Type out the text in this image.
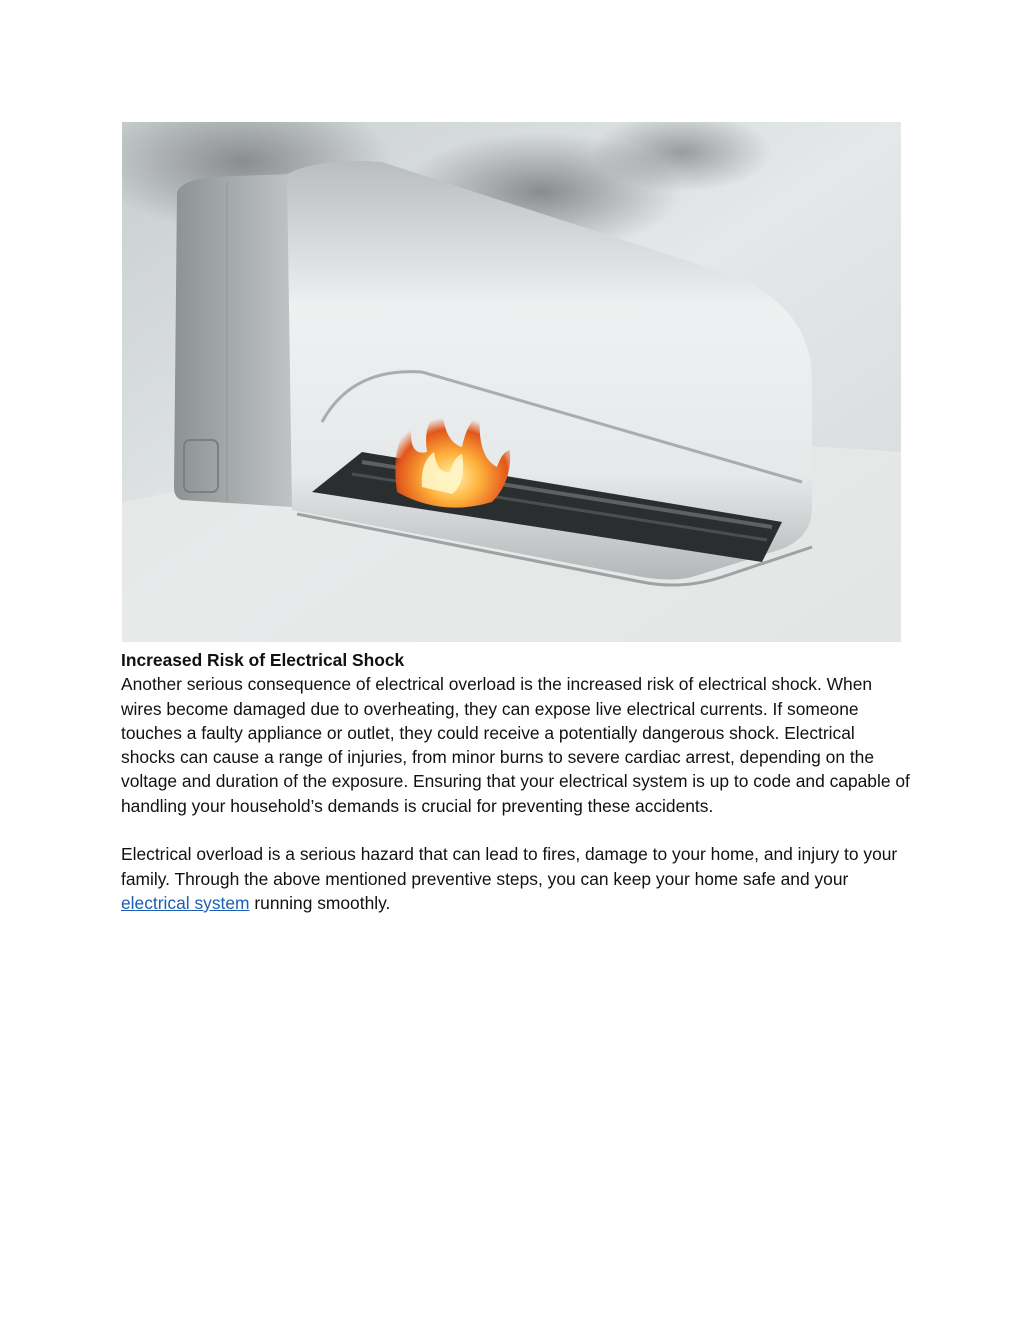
Increased Risk of Electrical Shock

Another serious consequence of electrical overload is the increased risk of electrical shock. When wires become damaged due to overheating, they can expose live electrical currents. If someone touches a faulty appliance or outlet, they could receive a potentially dangerous shock. Electrical shocks can cause a range of injuries, from minor burns to severe cardiac arrest, depending on the voltage and duration of the exposure. Ensuring that your electrical system is up to code and capable of handling your household’s demands is crucial for preventing these accidents.

Electrical overload is a serious hazard that can lead to fires, damage to your home, and injury to your family. Through the above mentioned preventive steps, you can keep your home safe and your electrical system running smoothly.
